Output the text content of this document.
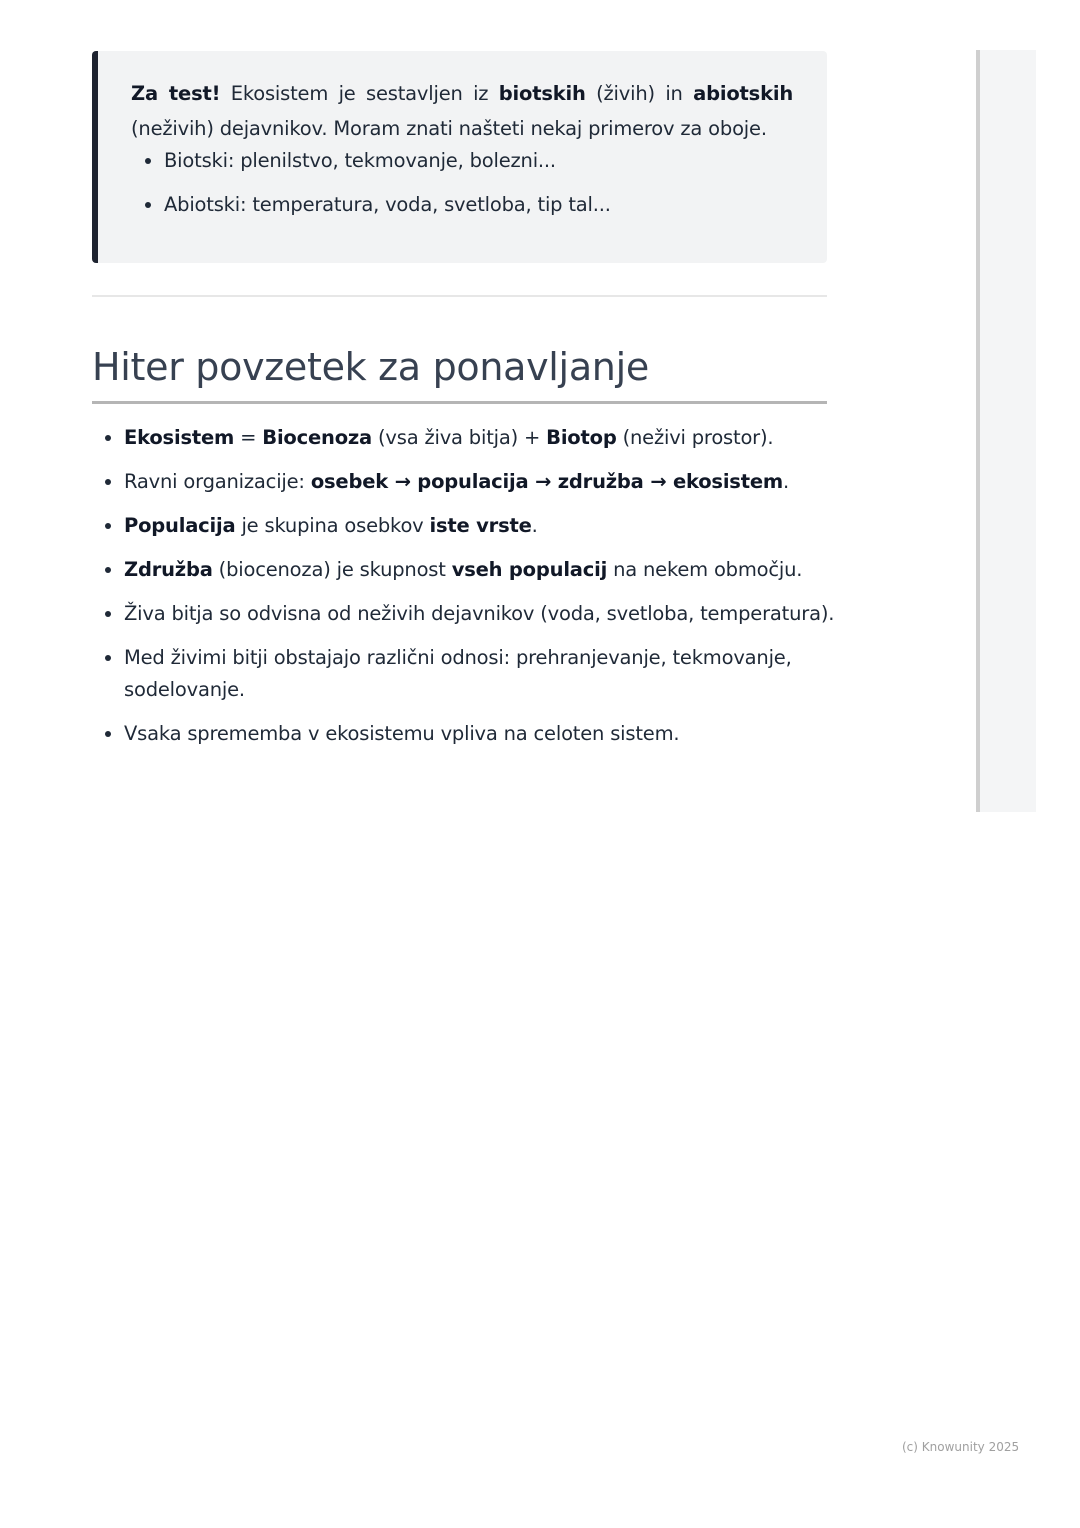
Za test! Ekosistem je sestavljen iz biotskih (živih) in abiotskih (neživih) dejavnikov. Moram znati našteti nekaj primerov za oboje.

• Biotski: plenilstvo, tekmovanje, bolezni...
• Abiotski: temperatura, voda, svetloba, tip tal...
Hiter povzetek za ponavljanje
• Ekosistem = Biocenoza (vsa živa bitja) + Biotop (neživi prostor).
• Ravni organizacije: osebek → populacija → združba → ekosistem.
• Populacija je skupina osebkov iste vrste.
• Združba (biocenoza) je skupnost vseh populacij na nekem območju.
• Živa bitja so odvisna od neživih dejavnikov (voda, svetloba, temperatura).
• Med živimi bitji obstajajo različni odnosi: prehranjevanje, tekmovanje, sodelovanje.
• Vsaka sprememba v ekosistemu vpliva na celoten sistem.
(c) Knowunity 2025
